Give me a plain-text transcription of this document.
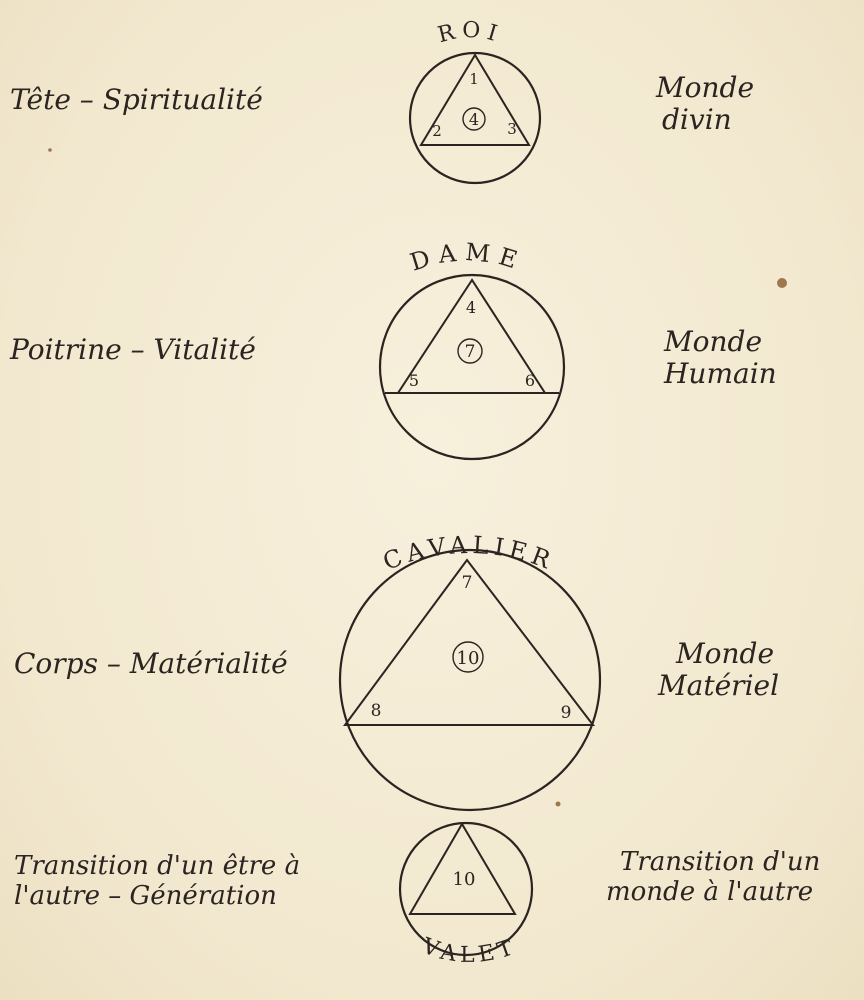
ROI
1
2	3
4
DAME
4
5	6
7
CAVALIER
7
8	9
10
10
VALET
Tête – Spiritualité
Poitrine – Vitalité
Corps – Matérialité
Transition d'un être à
l'autre – Génération
Monde
divin
Monde
Humain
Monde
Matériel
Transition d'un
monde à l'autre
